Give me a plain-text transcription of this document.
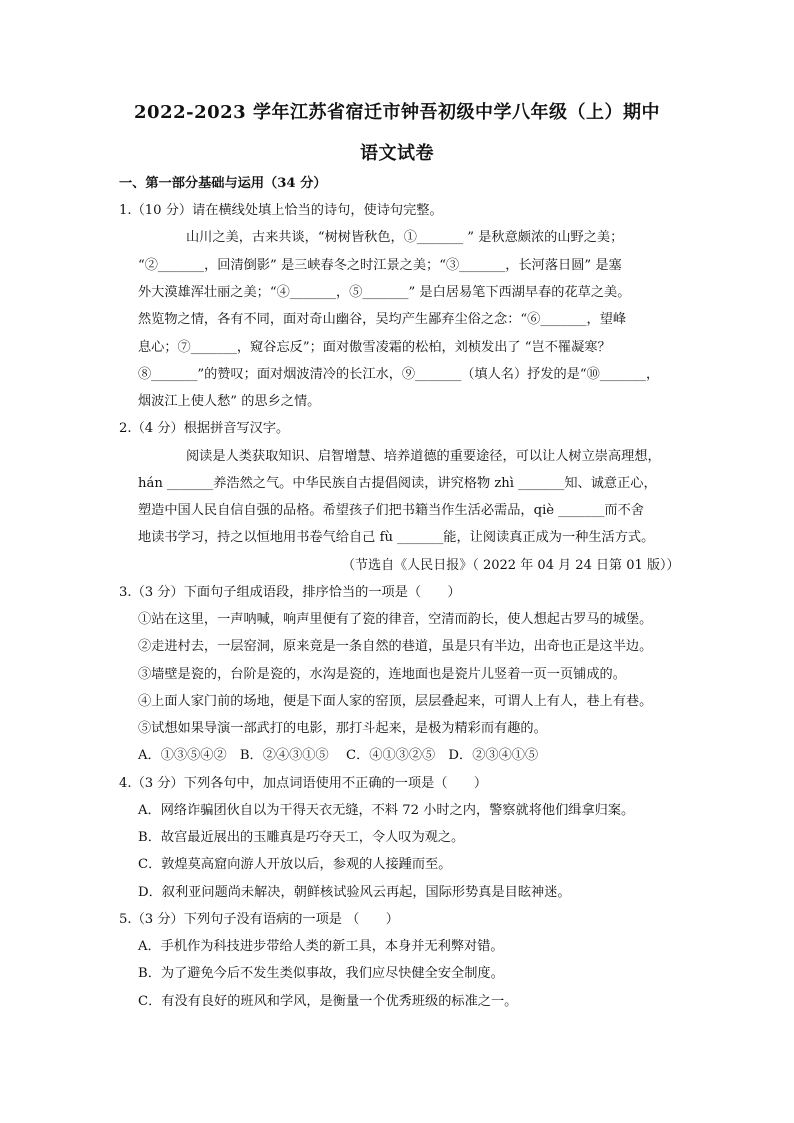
2022-2023 学年江苏省宿迁市钟吾初级中学八年级（上）期中
语文试卷
一、第一部分基础与运用（34 分）
1.（10 分）请在横线处填上恰当的诗句，使诗句完整。
山川之美，古来共谈，“树树皆秋色，①_______ ” 是秋意颇浓的山野之美；
“②_______，回清倒影” 是三峡春冬之时江景之美；“③_______，长河落日圆” 是塞
外大漠雄浑壮丽之美；“④_______，⑤_______” 是白居易笔下西湖早春的花草之美。
然览物之情，各有不同，面对奇山幽谷，吴均产生鄙弃尘俗之念：“⑥_______，望峰
息心；⑦_______，窥谷忘反”；面对傲雪凌霜的松柏，刘桢发出了 “岂不罹凝寒？
⑧_______”的赞叹；面对烟波清冷的长江水，⑨_______（填人名）抒发的是“⑩_______，
烟波江上使人愁” 的思乡之情。
2.（4 分）根据拼音写汉字。
阅读是人类获取知识、启智增慧、培养道德的重要途径，可以让人树立崇高理想，
hán _______养浩然之气。中华民族自古提倡阅读，讲究格物 zhì _______知、诚意正心，
塑造中国人民自信自强的品格。希望孩子们把书籍当作生活必需品，qiè _______而不舍
地读书学习，持之以恒地用书卷气给自己 fù _______能，让阅读真正成为一种生活方式。
（节选自《人民日报》（ 2022 年 04 月 24 日第 01 版））
3.（3 分）下面句子组成语段，排序恰当的一项是（　　）
①站在这里，一声呐喊，响声里便有了瓷的律音，空清而韵长，使人想起古罗马的城堡。
②走进村去，一层窑洞，原来竟是一条自然的巷道，虽是只有半边，出奇也正是这半边。
③墙壁是瓷的，台阶是瓷的，水沟是瓷的，连地面也是瓷片儿竖着一页一页铺成的。
④上面人家门前的场地，便是下面人家的窑顶，层层叠起来，可谓人上有人，巷上有巷。
⑤试想如果导演一部武打的电影，那打斗起来，是极为精彩而有趣的。
A．①③⑤④②　B．②④③①⑤　 C．④①③②⑤　D．②③④①⑤
4.（3 分）下列各句中，加点词语使用不正确的一项是（　　）
A．网络诈骗团伙自以为干得天衣无缝，不料 72 小时之内，警察就将他们缉拿归案。
B．故宫最近展出的玉雕真是巧夺天工，令人叹为观之。
C．敦煌莫高窟向游人开放以后，参观的人接踵而至。
D．叙利亚问题尚未解决，朝鲜核试验风云再起，国际形势真是目眩神迷。
5.（3 分）下列句子没有语病的一项是 （　　）
A．手机作为科技进步带给人类的新工具，本身并无利弊对错。
B．为了避免今后不发生类似事故，我们应尽快健全安全制度。
C．有没有良好的班风和学风，是衡量一个优秀班级的标准之一。
